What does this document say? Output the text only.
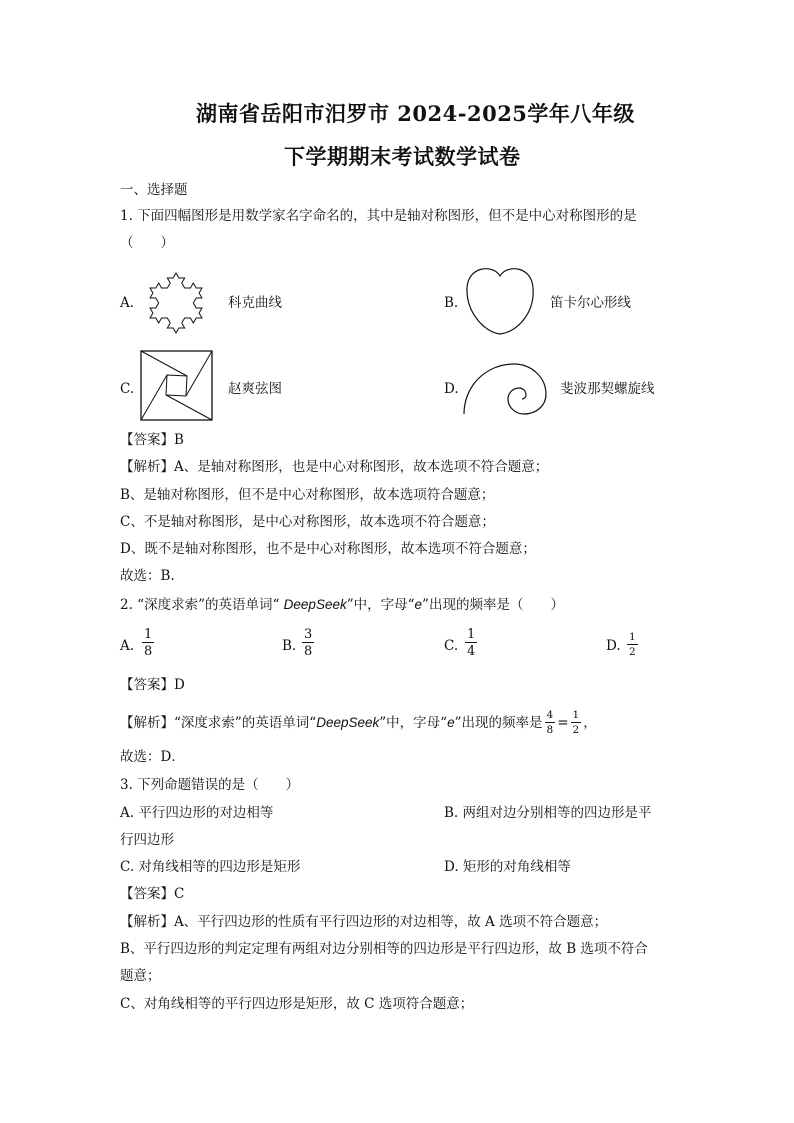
湖南省岳阳市汨罗市 2024-2025学年八年级
下学期期末考试数学试卷
一、选择题
1. 下面四幅图形是用数学家名字命名的，其中是轴对称图形，但不是中心对称图形的是
（　　）
A.	科克曲线	B.	笛卡尔心形线
C.	赵爽弦图	D.	斐波那契螺旋线
【答案】B
【解析】A、是轴对称图形，也是中心对称图形，故本选项不符合题意；
B、是轴对称图形，但不是中心对称图形，故本选项符合题意；
C、不是轴对称图形，是中心对称图形，故本选项不符合题意；
D、既不是轴对称图形，也不是中心对称图形，故本选项不符合题意；
故选：B.
2. “深度求索”的英语单词“ DeepSeek”中，字母“e”出现的频率是（　　）
A. $\frac{1}{8}$	B. $\frac{3}{8}$	C. $\frac{1}{4}$	D. $\frac{1}{2}$
【答案】D
【解析】“深度求索”的英语单词“ DeepSeek ”中，字母“ e ”出现的频率是 $\frac{4}{8} = \frac{1}{2}$ ，
故选：D．
3. 下列命题错误的是（　　）
A. 平行四边形的对边相等	B. 两组对边分别相等的四边形是平
行四边形
C. 对角线相等的四边形是矩形	D. 矩形的对角线相等
【答案】C
【解析】A、平行四边形的性质有平行四边形的对边相等，故 A 选项不符合题意；
B、平行四边形的判定定理有两组对边分别相等的四边形是平行四边形，故 B 选项不符合
题意；
C、对角线相等的平行四边形是矩形，故 C 选项符合题意；
